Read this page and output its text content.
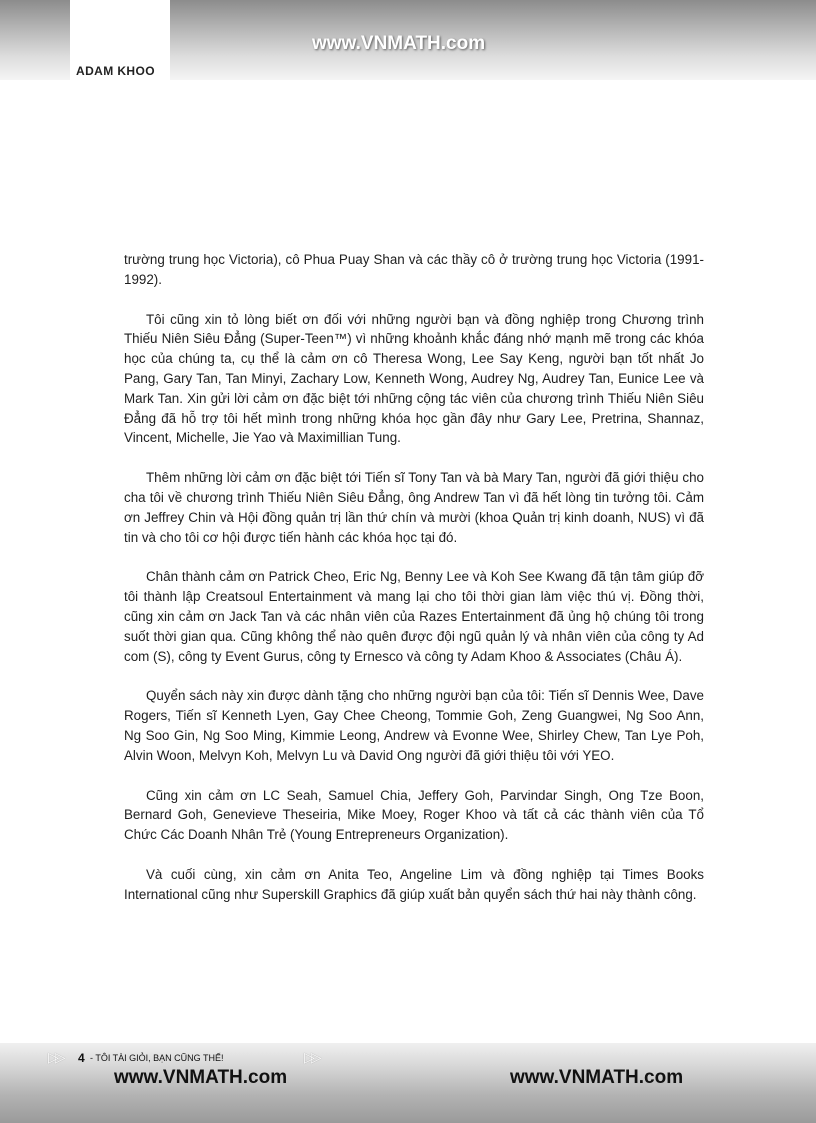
www.VNMATH.com
ADAM KHOO

trường trung học Victoria), cô Phua Puay Shan và các thầy cô ở trường trung học Victoria (1991-1992).

Tôi cũng xin tỏ lòng biết ơn đối với những người bạn và đồng nghiệp trong Chương trình Thiếu Niên Siêu Đẳng (Super-Teen™) vì những khoảnh khắc đáng nhớ mạnh mẽ trong các khóa học của chúng ta, cụ thể là cảm ơn cô Theresa Wong, Lee Say Keng, người bạn tốt nhất Jo Pang, Gary Tan, Tan Minyi, Zachary Low, Kenneth Wong, Audrey Ng, Audrey Tan, Eunice Lee và Mark Tan. Xin gửi lời cảm ơn đặc biệt tới những cộng tác viên của chương trình Thiếu Niên Siêu Đẳng đã hỗ trợ tôi hết mình trong những khóa học gần đây như Gary Lee, Pretrina, Shannaz, Vincent, Michelle, Jie Yao và Maximillian Tung.

Thêm những lời cảm ơn đặc biệt tới Tiến sĩ Tony Tan và bà Mary Tan, người đã giới thiệu cho cha tôi về chương trình Thiếu Niên Siêu Đẳng, ông Andrew Tan vì đã hết lòng tin tưởng tôi. Cảm ơn Jeffrey Chin và Hội đồng quản trị lần thứ chín và mười (khoa Quản trị kinh doanh, NUS) vì đã tin và cho tôi cơ hội được tiến hành các khóa học tại đó.

Chân thành cảm ơn Patrick Cheo, Eric Ng, Benny Lee và Koh See Kwang đã tận tâm giúp đỡ tôi thành lập Creatsoul Entertainment và mang lại cho tôi thời gian làm việc thú vị. Đồng thời, cũng xin cảm ơn Jack Tan và các nhân viên của Razes Entertainment đã ủng hộ chúng tôi trong suốt thời gian qua. Cũng không thể nào quên được đội ngũ quản lý và nhân viên của công ty Ad com (S), công ty Event Gurus, công ty Ernesco và công ty Adam Khoo & Associates (Châu Á).

Quyển sách này xin được dành tặng cho những người bạn của tôi: Tiến sĩ Dennis Wee, Dave Rogers, Tiến sĩ Kenneth Lyen, Gay Chee Cheong, Tommie Goh, Zeng Guangwei, Ng Soo Ann, Ng Soo Gin, Ng Soo Ming, Kimmie Leong, Andrew và Evonne Wee, Shirley Chew, Tan Lye Poh, Alvin Woon, Melvyn Koh, Melvyn Lu và David Ong người đã giới thiệu tôi với YEO.

Cũng xin cảm ơn LC Seah, Samuel Chia, Jeffery Goh, Parvindar Singh, Ong Tze Boon, Bernard Goh, Genevieve Theseiria, Mike Moey, Roger Khoo và tất cả các thành viên của Tổ Chức Các Doanh Nhân Trẻ (Young Entrepreneurs Organization).

Và cuối cùng, xin cảm ơn Anita Teo, Angeline Lim và đồng nghiệp tại Times Books International cũng như Superskill Graphics đã giúp xuất bản quyển sách thứ hai này thành công.

▷▷	▷▷
4 - TÔI TÀI GIỎI, BẠN CŨNG THẾ!
www.VNMATH.com	www.VNMATH.com
